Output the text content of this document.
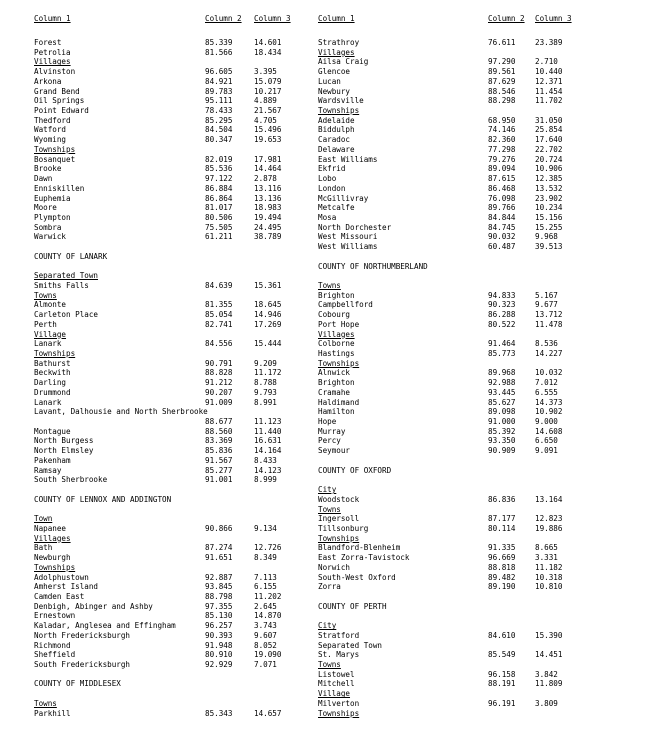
Column 1	Column 2 Column 3
Forest	85.339	14.601
Petrolia	81.566	18.434
Villages
Alvinston	96.605	3.395
Arkona	84.921	15.079
Grand Bend	89.783	10.217
Oil Springs	95.111	4.889
Point Edward	78.433	21.567
Thedford	85.295	4.705
Watford	84.504	15.496
Wyoming	80.347	19.653
Townships
Bosanquet	82.019	17.981
Brooke	85.536	14.464
Dawn	97.122	2.878
Enniskillen	86.884	13.116
Euphemia	86.864	13.136
Moore	81.017	18.983
Plympton	80.506	19.494
Sombra	75.505	24.495
Warwick	61.211	38.789
COUNTY OF LANARK
Separated Town
Smiths Falls	84.639	15.361
Towns
Almonte	81.355	18.645
Carleton Place	85.054	14.946
Perth	82.741	17.269
Village
Lanark	84.556	15.444
Townships
Bathurst	90.791	9.209
Beckwith	88.828	11.172
Darling	91.212	8.788
Drummond	90.207	9.793
Lanark	91.009	8.991
Lavant, Dalhousie and North Sherbrooke
88.677	11.123
Montague	88.560	11.440
North Burgess	83.369	16.631
North Elmsley	85.836	14.164
Pakenham	91.567	8.433
Ramsay	85.277	14.123
South Sherbrooke	91.001	8.999
COUNTY OF LENNOX AND ADDINGTON
Town
Napanee	90.866	9.134
Villages
Bath	87.274	12.726
Newburgh	91.651	8.349
Townships
Adolphustown	92.887	7.113
Amherst Island	93.845	6.155
Camden East	88.798	11.202
Denbigh, Abinger and Ashby	97.355	2.645
Ernestown	85.130	14.870
Kaladar, Anglesea and Effingham	96.257	3.743
North Fredericksburgh	90.393	9.607
Richmond	91.948	8.052
Sheffield	80.910	19.090
South Fredericksburgh	92.929	7.071
COUNTY OF MIDDLESEX
Towns
Parkhill	85.343	14.657
Column 1	Column 2 Column 3
Strathroy	76.611	23.389
Villages
Ailsa Craig	97.290	2.710
Glencoe	89.561	10.440
Lucan	87.629	12.371
Newbury	88.546	11.454
Wardsville	88.298	11.702
Townships
Adelaide	68.950	31.050
Biddulph	74.146	25.854
Caradoc	82.360	17.640
Delaware	77.298	22.702
East Williams	79.276	20.724
Ekfrid	89.094	10.906
Lobo	87.615	12.385
London	86.468	13.532
McGillivray	76.098	23.902
Metcalfe	89.766	10.234
Mosa	84.844	15.156
North Dorchester	84.745	15.255
West Missouri	90.032	9.968
West Williams	60.487	39.513
COUNTY OF NORTHUMBERLAND
Towns
Brighton	94.833	5.167
Campbellford	90.323	9.677
Cobourg	86.288	13.712
Port Hope	80.522	11.478
Villages
Colborne	91.464	8.536
Hastings	85.773	14.227
Townships
Alnwick	89.968	10.032
Brighton	92.988	7.012
Cramahe	93.445	6.555
Haldimand	85.627	14.373
Hamilton	89.098	10.902
Hope	91.000	9.000
Murray	85.392	14.608
Percy	93.350	6.650
Seymour	90.909	9.091
COUNTY OF OXFORD
City
Woodstock	86.836	13.164
Towns
Ingersoll	87.177	12.823
Tillsonburg	80.114	19.886
Townships
Blandford-Blenheim	91.335	8.665
East Zorra-Tavistock	96.669	3.331
Norwich	88.818	11.182
South-West Oxford	89.482	10.318
Zorra	89.190	10.810
COUNTY OF PERTH
City
Stratford	84.610	15.390
Separated Town
St. Marys	85.549	14.451
Towns
Listowel	96.158	3.842
Mitchell	88.191	11.809
Village
Milverton	96.191	3.809
Townships
